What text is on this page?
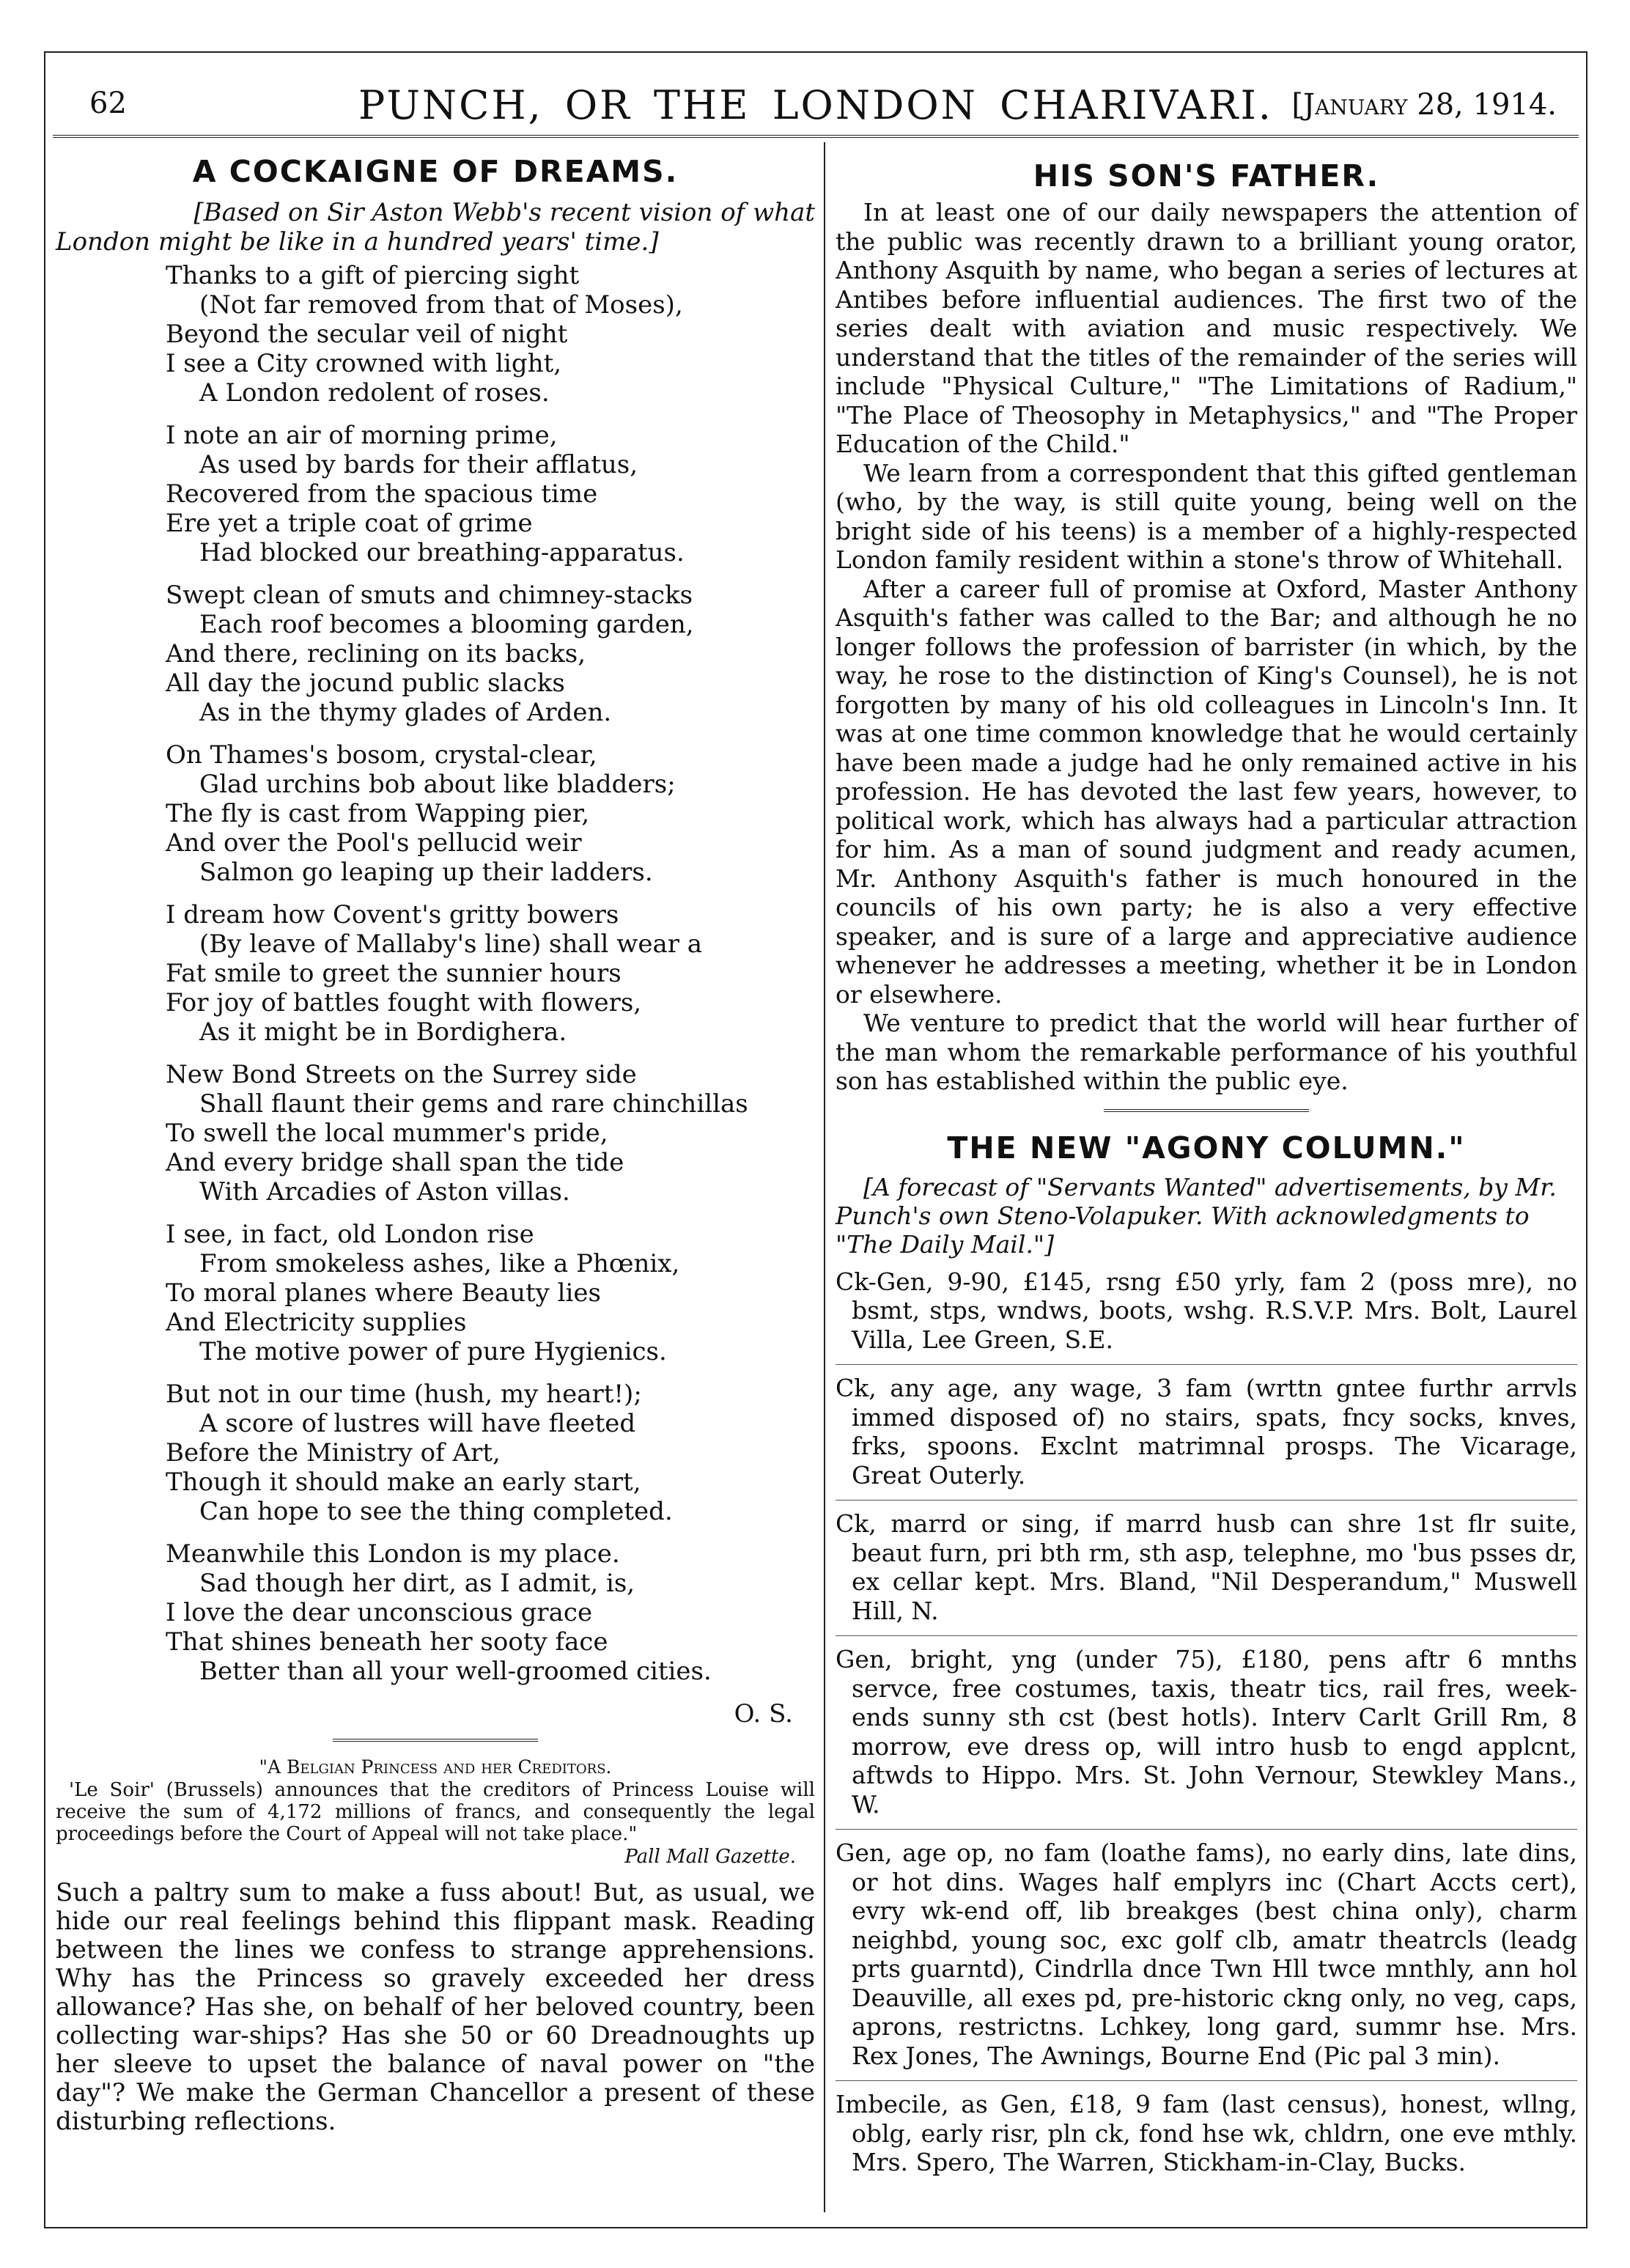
62	PUNCH, OR THE LONDON CHARIVARI. [January 28, 1914.
A COCKAIGNE OF DREAMS.
[Based on Sir Aston Webb's recent vision of what
London might be like in a hundred years' time.]
Thanks to a gift of piercing sight
(Not far removed from that of Moses),
Beyond the secular veil of night
I see a City crowned with light,
A London redolent of roses.
I note an air of morning prime,
As used by bards for their afflatus,
Recovered from the spacious time
Ere yet a triple coat of grime
Had blocked our breathing-apparatus.
Swept clean of smuts and chimney-stacks
Each roof becomes a blooming garden,
And there, reclining on its backs,
All day the jocund public slacks
As in the thymy glades of Arden.
On Thames's bosom, crystal-clear,
Glad urchins bob about like bladders;
The fly is cast from Wapping pier,
And over the Pool's pellucid weir
Salmon go leaping up their ladders.
I dream how Covent's gritty bowers
(By leave of Mallaby's line) shall wear a
Fat smile to greet the sunnier hours
For joy of battles fought with flowers,
As it might be in Bordighera.
New Bond Streets on the Surrey side
Shall flaunt their gems and rare chinchillas
To swell the local mummer's pride,
And every bridge shall span the tide
With Arcadies of Aston villas.
I see, in fact, old London rise
From smokeless ashes, like a Phœnix,
To moral planes where Beauty lies
And Electricity supplies
The motive power of pure Hygienics.
But not in our time (hush, my heart!);
A score of lustres will have fleeted
Before the Ministry of Art,
Though it should make an early start,
Can hope to see the thing completed.
Meanwhile this London is my place.
Sad though her dirt, as I admit, is,
I love the dear unconscious grace
That shines beneath her sooty face
Better than all your well-groomed cities.
O. S.
"A Belgian Princess and her Creditors.
'Le Soir' (Brussels) announces that the creditors of Princess Louise will receive the sum of 4,172 millions of francs, and consequently the legal proceedings before the Court of Appeal will not take place."
Pall Mall Gazette.
Such a paltry sum to make a fuss about! But, as usual, we hide our real feelings behind this flippant mask. Reading between the lines we confess to strange apprehensions. Why has the Princess so gravely exceeded her dress allowance? Has she, on behalf of her beloved country, been collecting war-ships? Has she 50 or 60 Dreadnoughts up her sleeve to upset the balance of naval power on "the day"? We make the German Chancellor a present of these disturbing reflections.
HIS SON'S FATHER.

In at least one of our daily newspapers the attention of the public was recently drawn to a brilliant young orator, Anthony Asquith by name, who began a series of lectures at Antibes before influential audiences. The first two of the series dealt with aviation and music respectively. We understand that the titles of the remainder of the series will include "Physical Culture," "The Limitations of Radium," "The Place of Theosophy in Metaphysics," and "The Proper Education of the Child."

We learn from a correspondent that this gifted gentleman (who, by the way, is still quite young, being well on the bright side of his teens) is a member of a highly-respected London family resident within a stone's throw of Whitehall.

After a career full of promise at Oxford, Master Anthony Asquith's father was called to the Bar; and although he no longer follows the profession of barrister (in which, by the way, he rose to the distinction of King's Counsel), he is not forgotten by many of his old colleagues in Lincoln's Inn. It was at one time common knowledge that he would certainly have been made a judge had he only remained active in his profession. He has devoted the last few years, however, to political work, which has always had a particular attraction for him. As a man of sound judgment and ready acumen, Mr. Anthony Asquith's father is much honoured in the councils of his own party; he is also a very effective speaker, and is sure of a large and appreciative audience whenever he addresses a meeting, whether it be in London or elsewhere.

We venture to predict that the world will hear further of the man whom the remarkable performance of his youthful son has established within the public eye.

THE NEW "AGONY COLUMN."
[A forecast of "Servants Wanted" advertisements, by Mr. Punch's own Steno-Volapuker. With acknowledgments to "The Daily Mail."]

Ck-Gen, 9-90, £145, rsng £50 yrly, fam 2 (poss mre), no bsmt, stps, wndws, boots, wshg. R.S.V.P. Mrs. Bolt, Laurel Villa, Lee Green, S.E.

Ck, any age, any wage, 3 fam (wrttn gntee furthr arrvls immed disposed of) no stairs, spats, fncy socks, knves, frks, spoons. Exclnt matrimnal prosps. The Vicarage, Great Outerly.

Ck, marrd or sing, if marrd husb can shre 1st flr suite, beaut furn, pri bth rm, sth asp, telephne, mo 'bus psses dr, ex cellar kept. Mrs. Bland, "Nil Desperandum," Muswell Hill, N.

Gen, bright, yng (under 75), £180, pens aftr 6 mnths servce, free costumes, taxis, theatr tics, rail fres, week-ends sunny sth cst (best hotls). Interv Carlt Grill Rm, 8 morrow, eve dress op, will intro husb to engd applcnt, aftwds to Hippo. Mrs. St. John Vernour, Stewkley Mans., W.

Gen, age op, no fam (loathe fams), no early dins, late dins, or hot dins. Wages half emplyrs inc (Chart Accts cert), evry wk-end off, lib breakges (best china only), charm neighbd, young soc, exc golf clb, amatr theatrcls (leadg prts guarntd), Cindrlla dnce Twn Hll twce mnthly, ann hol Deauville, all exes pd, pre-historic ckng only, no veg, caps, aprons, restrictns. Lchkey, long gard, summr hse. Mrs. Rex Jones, The Awnings, Bourne End (Pic pal 3 min).

Imbecile, as Gen, £18, 9 fam (last census), honest, wllng, oblg, early risr, pln ck, fond hse wk, chldrn, one eve mthly. Mrs. Spero, The Warren, Stickham-in-Clay, Bucks.
